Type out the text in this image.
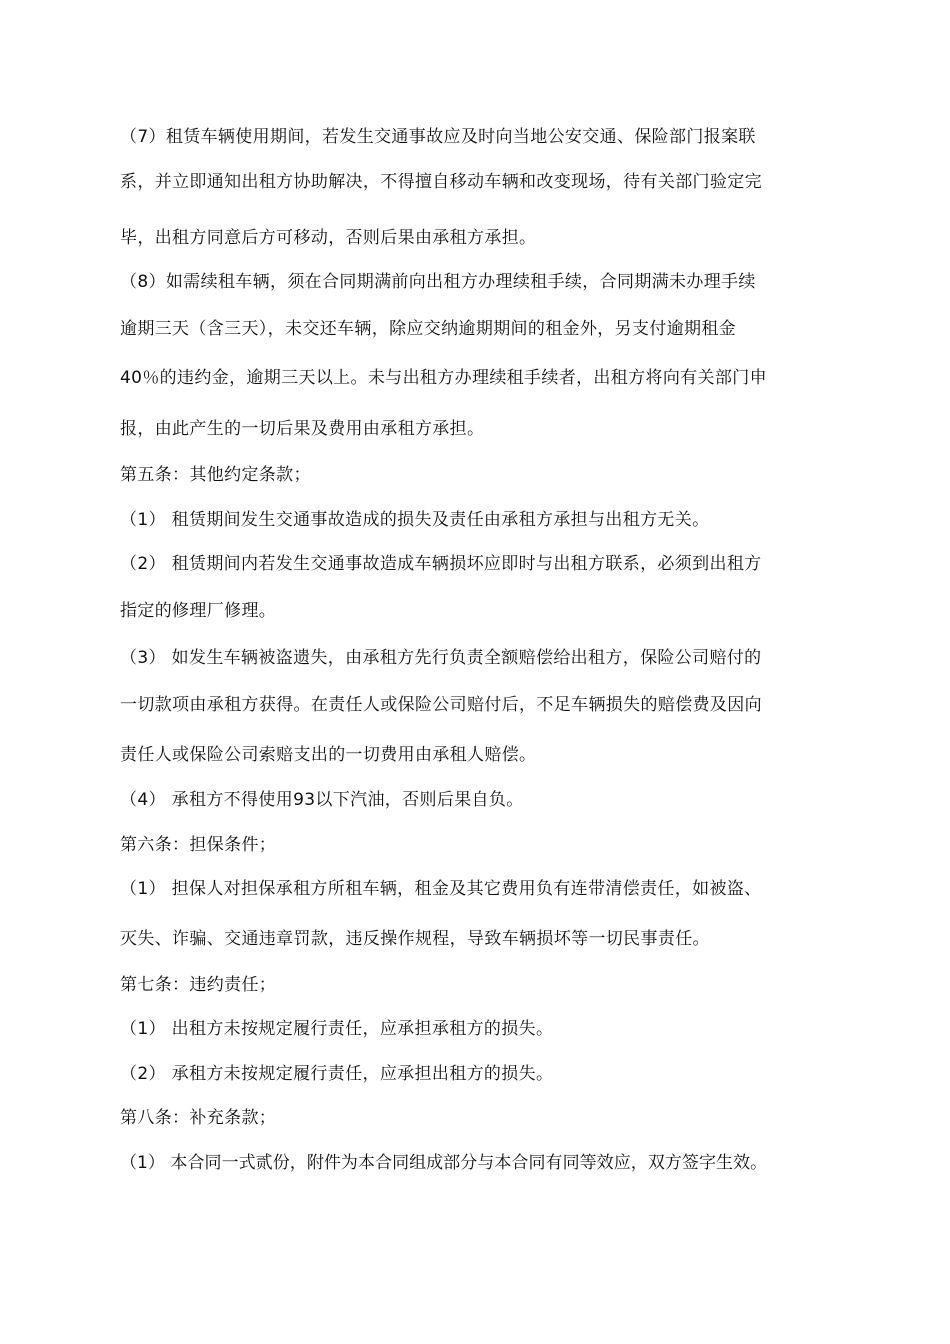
（7）租赁车辆使用期间，若发生交通事故应及时向当地公安交通、保险部门报案联
系，并立即通知出租方协助解决，不得擅自移动车辆和改变现场，待有关部门验定完
毕，出租方同意后方可移动，否则后果由承租方承担。
（8）如需续租车辆，须在合同期满前向出租方办理续租手续，合同期满未办理手续
逾期三天（含三天），未交还车辆，除应交纳逾期期间的租金外，另支付逾期租金
40％的违约金，逾期三天以上。未与出租方办理续租手续者，出租方将向有关部门申
报，由此产生的一切后果及费用由承租方承担。
第五条：其他约定条款；
（1） 租赁期间发生交通事故造成的损失及责任由承租方承担与出租方无关。
（2） 租赁期间内若发生交通事故造成车辆损坏应即时与出租方联系，必须到出租方
指定的修理厂修理。
（3） 如发生车辆被盗遗失，由承租方先行负责全额赔偿给出租方，保险公司赔付的
一切款项由承租方获得。在责任人或保险公司赔付后，不足车辆损失的赔偿费及因向
责任人或保险公司索赔支出的一切费用由承租人赔偿。
（4） 承租方不得使用93以下汽油，否则后果自负。
第六条：担保条件；
（1） 担保人对担保承租方所租车辆，租金及其它费用负有连带清偿责任，如被盗、
灭失、诈骗、交通违章罚款，违反操作规程，导致车辆损坏等一切民事责任。
第七条：违约责任；
（1） 出租方未按规定履行责任，应承担承租方的损失。
（2） 承租方未按规定履行责任，应承担出租方的损失。
第八条：补充条款；
（1） 本合同一式贰份，附件为本合同组成部分与本合同有同等效应，双方签字生效。
